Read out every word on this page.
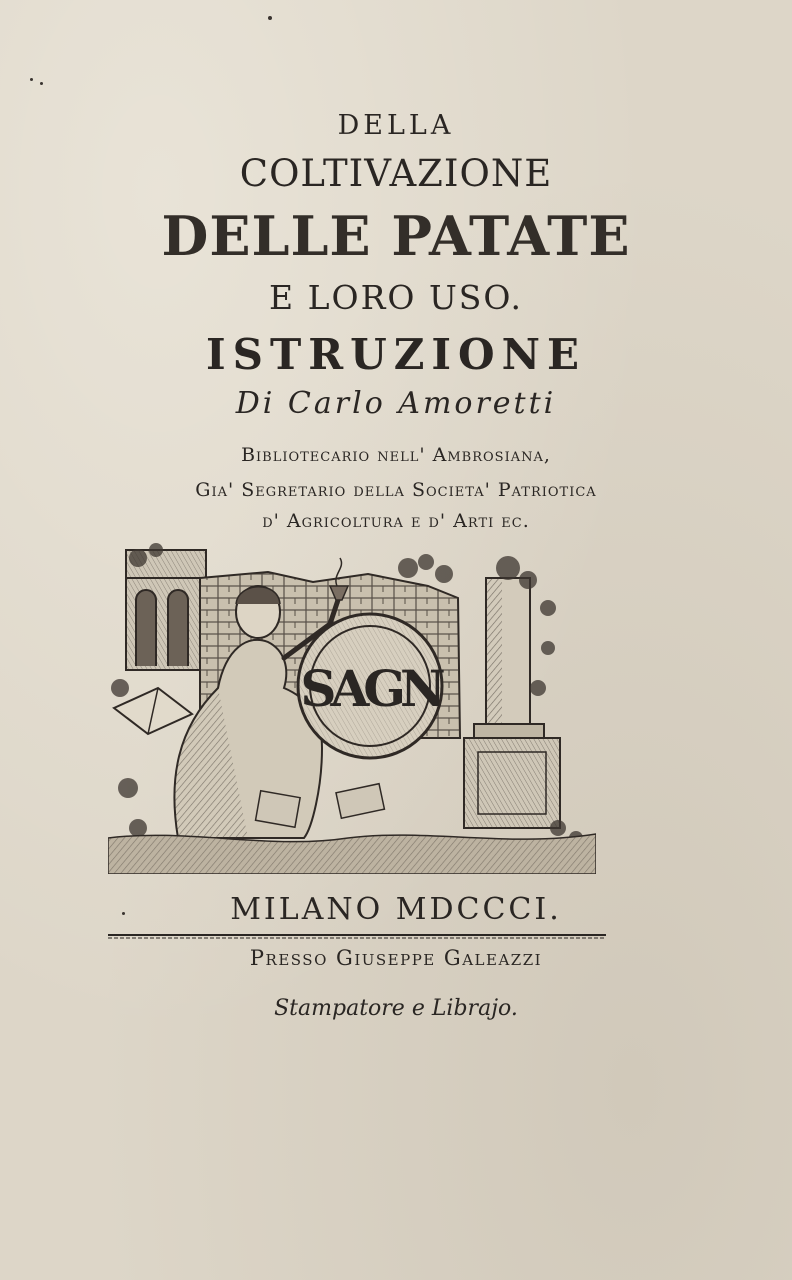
DELLA
COLTIVAZIONE
DELLE PATATE
E LORO USO.
ISTRUZIONE
Di Carlo Amoretti
Bibliotecario nell' Ambrosiana,
Gia' Segretario della Societa' Patriotica
d' Agricoltura e d' Arti ec.
SAGN
MILANO MDCCCI.
Presso Giuseppe Galeazzi
Stampatore e Librajo.
